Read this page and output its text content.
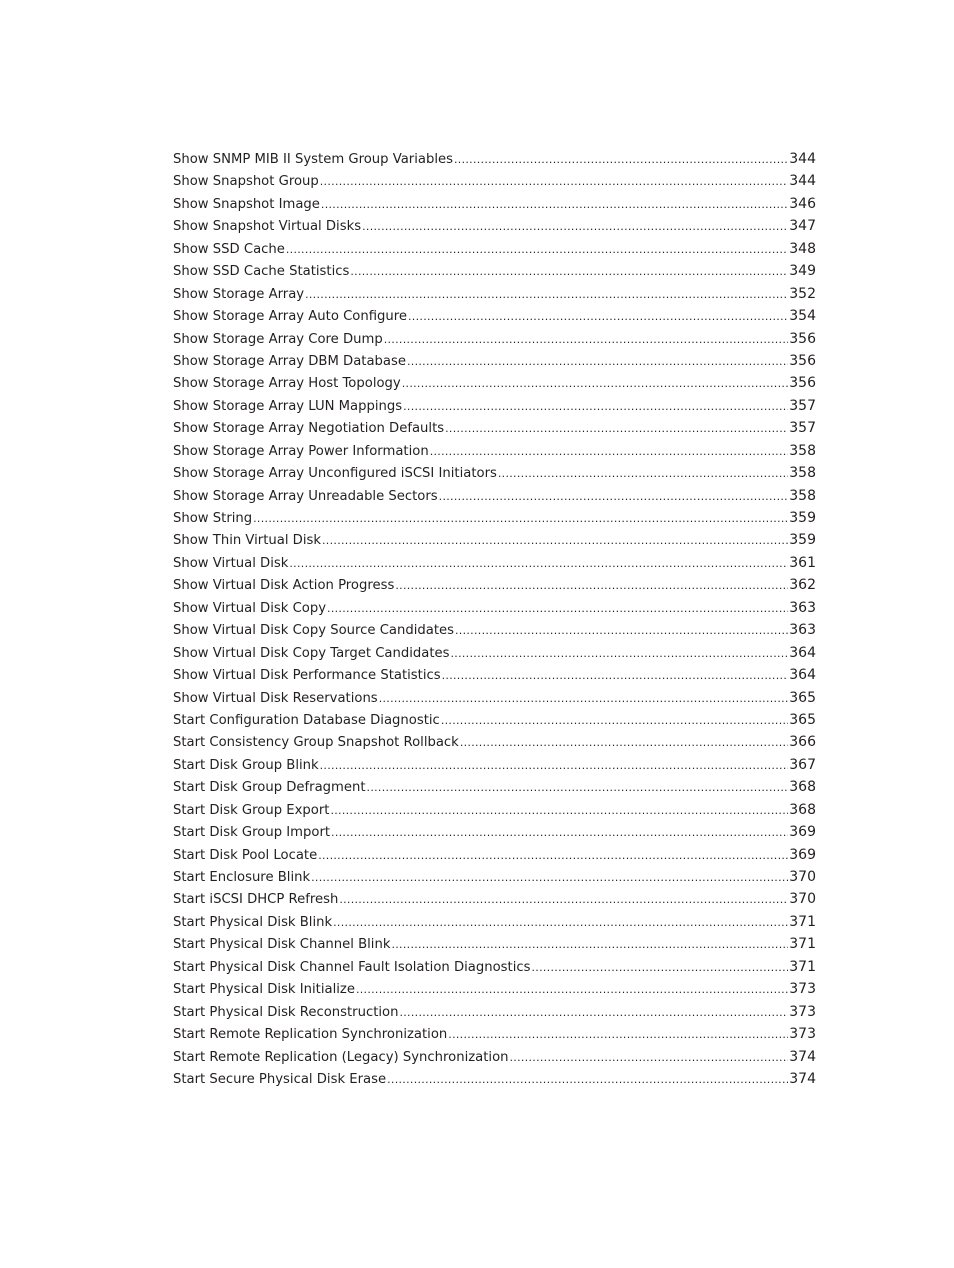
Show SNMP MIB II System Group Variables .....	344
Show Snapshot Group .....	344
Show Snapshot Image .....	346
Show Snapshot Virtual Disks .....	347
Show SSD Cache .....	348
Show SSD Cache Statistics .....	349
Show Storage Array .....	352
Show Storage Array Auto Configure .....	354
Show Storage Array Core Dump .....	356
Show Storage Array DBM Database .....	356
Show Storage Array Host Topology .....	356
Show Storage Array LUN Mappings .....	357
Show Storage Array Negotiation Defaults .....	357
Show Storage Array Power Information .....	358
Show Storage Array Unconfigured iSCSI Initiators .....	358
Show Storage Array Unreadable Sectors .....	358
Show String .....	359
Show Thin Virtual Disk .....	359
Show Virtual Disk .....	361
Show Virtual Disk Action Progress .....	362
Show Virtual Disk Copy .....	363
Show Virtual Disk Copy Source Candidates .....	363
Show Virtual Disk Copy Target Candidates .....	364
Show Virtual Disk Performance Statistics .....	364
Show Virtual Disk Reservations .....	365
Start Configuration Database Diagnostic .....	365
Start Consistency Group Snapshot Rollback .....	366
Start Disk Group Blink .....	367
Start Disk Group Defragment .....	368
Start Disk Group Export .....	368
Start Disk Group Import .....	369
Start Disk Pool Locate .....	369
Start Enclosure Blink .....	370
Start iSCSI DHCP Refresh .....	370
Start Physical Disk Blink .....	371
Start Physical Disk Channel Blink .....	371
Start Physical Disk Channel Fault Isolation Diagnostics .....	371
Start Physical Disk Initialize .....	373
Start Physical Disk Reconstruction .....	373
Start Remote Replication Synchronization .....	373
Start Remote Replication (Legacy) Synchronization .....	374
Start Secure Physical Disk Erase .....	374
